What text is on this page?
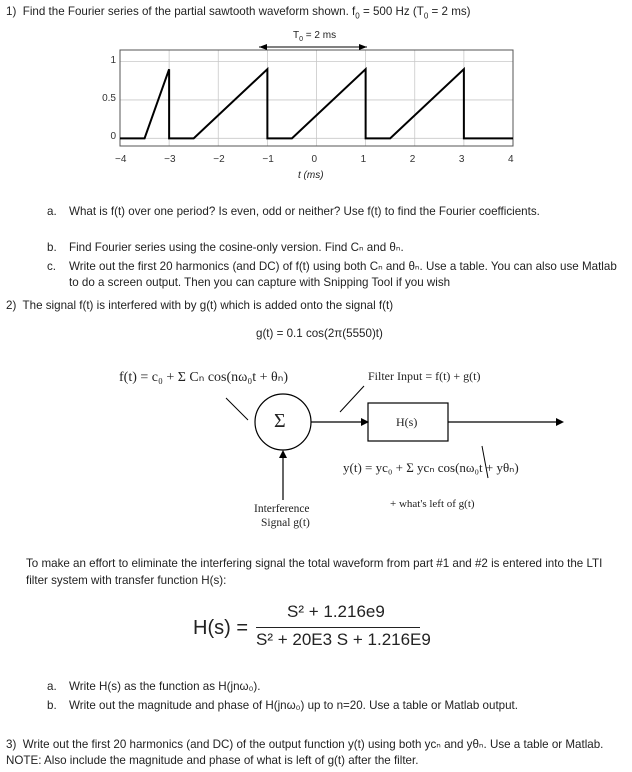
1) Find the Fourier series of the partial sawtooth waveform shown. $f_0 = 500$ Hz ($T_0 = 2$ ms)
$T_0 = 2$ ms
−4	−3	−2	−1	0	1	2	3	4
1
0.5
0
t (ms)
a. What is f(t) over one period? Is even, odd or neither? Use f(t) to find the Fourier coefficients.
b. Find Fourier series using the cosine-only version. Find Cₙ and θₙ.
c. Write out the first 20 harmonics (and DC) of f(t) using both Cₙ and θₙ. Use a table. You can also use Matlab to do a screen output. Then you can capture with Snipping Tool if you wish
2) The signal f(t) is interfered with by g(t) which is added onto the signal f(t)
g(t) = 0.1 cos(2π(5550)t)
f(t) = c₀ + Σ Cₙ cos(nω₀t + θₙ)
Σ	H(s)
Filter Input = f(t) + g(t)
y(t) = yc₀ + Σ ycₙ cos(nω₀t + yθₙ)
+ what's left of g(t)
Interference
Signal g(t)
To make an effort to eliminate the interfering signal the total waveform from part #1 and #2 is entered into the LTI filter system with transfer function H(s):
H(s) =
S² + 1.216e9
S² + 20E3 S + 1.216E9
a. Write H(s) as the function as H(jnω₀).
b. Write out the magnitude and phase of H(jnω₀) up to n=20. Use a table or Matlab output.
3) Write out the first 20 harmonics (and DC) of the output function y(t) using both ycₙ and yθₙ. Use a table or Matlab. NOTE: Also include the magnitude and phase of what is left of g(t) after the filter.
